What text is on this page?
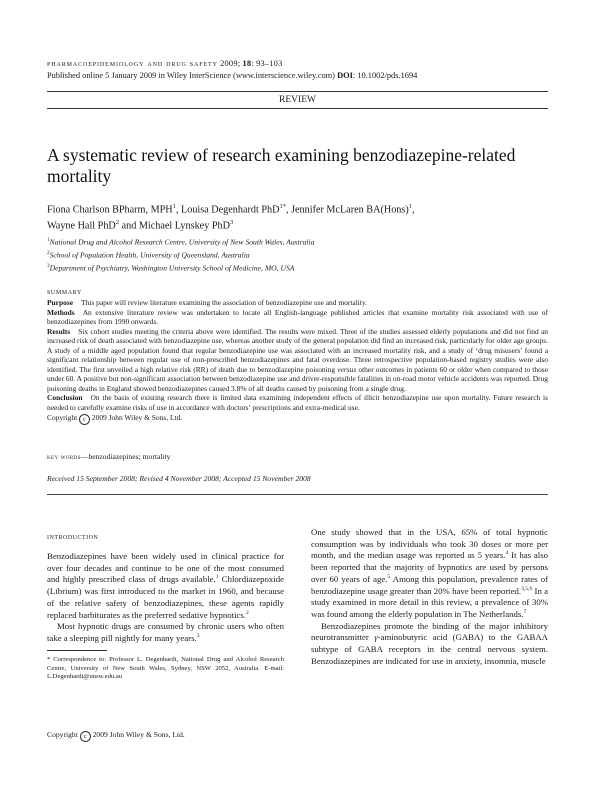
pharmacoepidemiology and drug safety 2009; 18: 93–103
Published online 5 January 2009 in Wiley InterScience (www.interscience.wiley.com) DOI: 10.1002/pds.1694
REVIEW
A systematic review of research examining benzodiazepine-related mortality
Fiona Charlson BPharm, MPH$^1$, Louisa Degenhardt PhD$^{1*}$, Jennifer McLaren BA(Hons)$^1$,
Wayne Hall PhD$^2$ and Michael Lynskey PhD$^3$
$^1$National Drug and Alcohol Research Centre, University of New South Wales, Australia
$^2$School of Population Health, University of Queensland, Australia
$^3$Department of Psychiatry, Washington University School of Medicine, MO, USA
summary

Purpose This paper will review literature examining the association of benzodiazepine use and mortality.

Methods An extensive literature review was undertaken to locate all English-language published articles that examine mortality risk associated with use of benzodiazepines from 1990 onwards.

Results Six cohort studies meeting the criteria above were identified. The results were mixed. Three of the studies assessed elderly populations and did not find an increased risk of death associated with benzodiazepine use, whereas another study of the general population did find an increased risk, particularly for older age groups. A study of a middle aged population found that regular benzodiazepine use was associated with an increased mortality risk, and a study of ‘drug misusers’ found a significant relationship between regular use of non-prescribed benzodiazepines and fatal overdose. Three retrospective population-based registry studies were also identified. The first unveiled a high relative risk (RR) of death due to benzodiazepine poisoning versus other outcomes in patients 60 or older when compared to those under 60. A positive but non-significant association between benzodiazepine use and driver-responsible fatalities in on-road motor vehicle accidents was reported. Drug poisoning deaths in England showed benzodiazepines caused 3.8% of all deaths caused by poisoning from a single drug.

Conclusion On the basis of existing research there is limited data examining independent effects of illicit benzodiazepine use upon mortality. Future research is needed to carefully examine risks of use in accordance with doctors’ prescriptions and extra-medical use.
Copyright c 2009 John Wiley & Sons, Ltd.

key words—benzodiazepines; mortality
Received 15 September 2008; Revised 4 November 2008; Accepted 15 November 2008
introduction

Benzodiazepines have been widely used in clinical practice for over four decades and continue to be one of the most consumed and highly prescribed class of drugs available.$^1$ Chlordiazepoxide (Librium) was first introduced to the market in 1960, and because of the relative safety of benzodiazepines, these agents rapidly replaced barbiturates as the preferred sedative hypnotics.$^2$

Most hypnotic drugs are consumed by chronic users who often take a sleeping pill nightly for many years.$^3$

* Correspondence to: Professor L. Degenhardt, National Drug and Alcohol Research Centre, University of New South Wales, Sydney, NSW 2052, Australia. E-mail: L.Degenhardt@unsw.edu.au

One study showed that in the USA, 65% of total hypnotic consumption was by individuals who took 30 doses or more per month, and the median usage was reported as 5 years.$^4$ It has also been reported that the majority of hypnotics are used by persons over 60 years of age.$^5$ Among this population, prevalence rates of benzodiazepine usage greater than 20% have been reported.$^{3,5,6}$ In a study examined in more detail in this review, a prevalence of 30% was found among the elderly population in The Netherlands.$^7$

Benzodiazepines promote the binding of the major inhibitory neurotransmitter γ-aminobutyric acid (GABA) to the GABAA subtype of GABA receptors in the central nervous system. Benzodiazepines are indicated for use in anxiety, insomnia, muscle

Copyright c 2009 John Wiley & Sons, Ltd.
